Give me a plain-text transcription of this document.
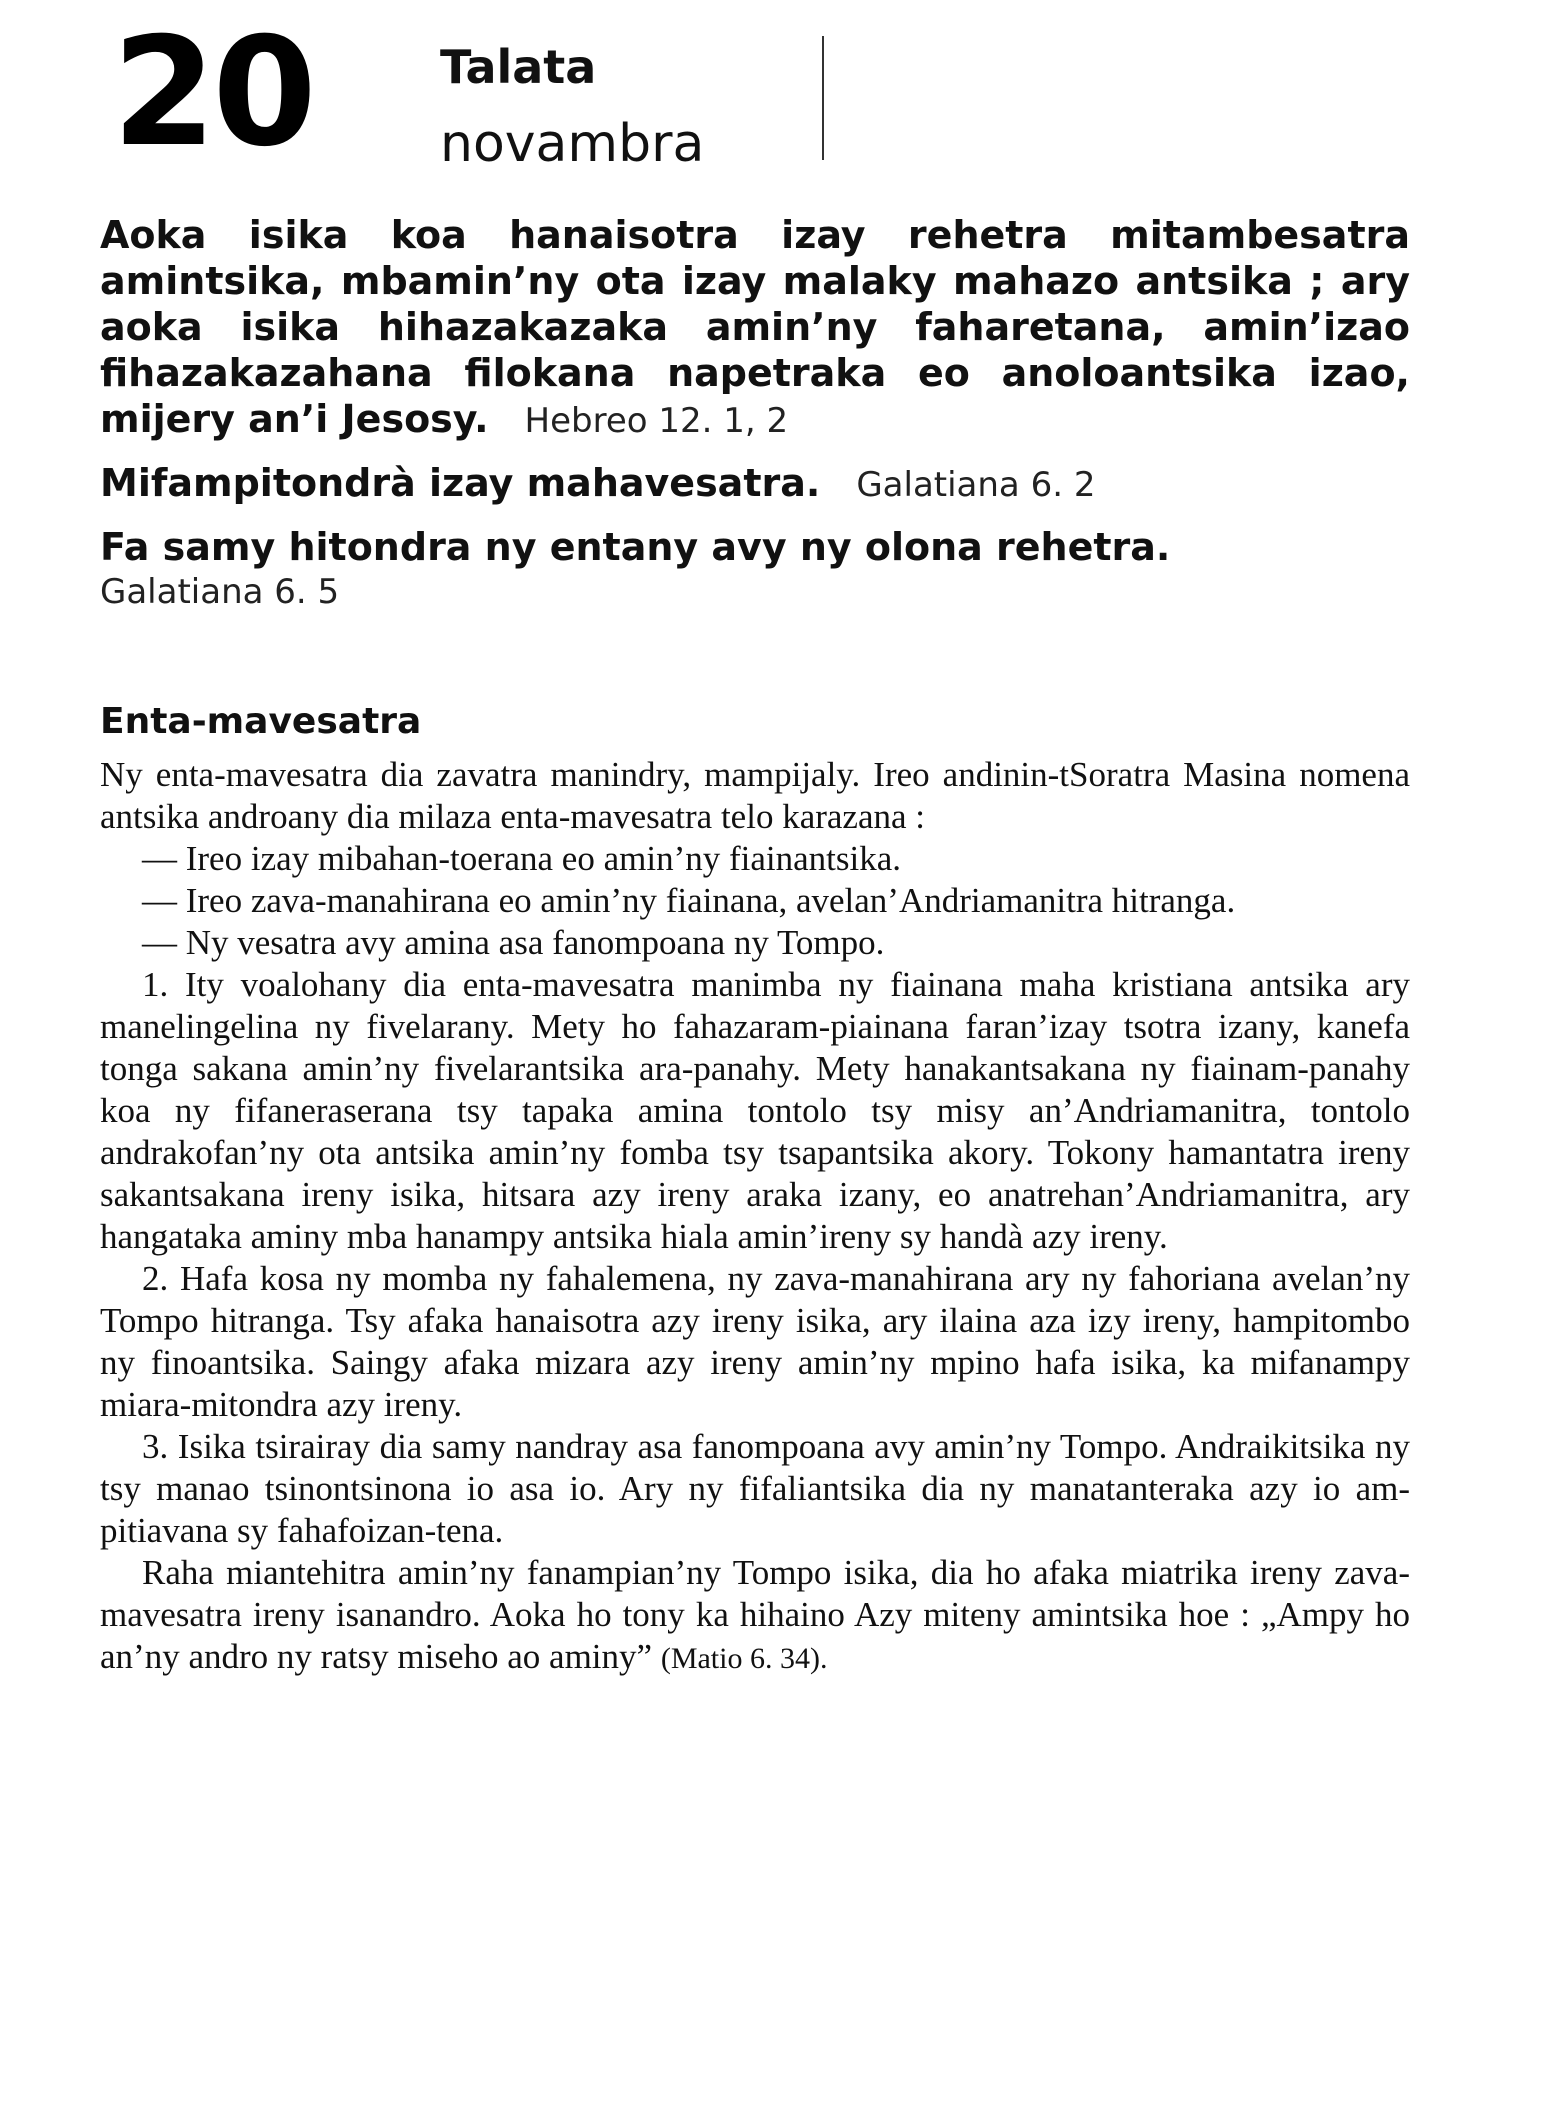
20	Talata
novambra

Aoka isika koa hanaisotra izay rehetra mitambesatra amintsika, mbamin’ny ota izay malaky mahazo antsika ; ary aoka isika hihazakazaka amin’ny faharetana, amin’izao fihazakazahana filokana napetraka eo anoloantsika izao, mijery an’i Jesosy. Hebreo 12. 1, 2

Mifampitondrà izay mahavesatra. Galatiana 6. 2

Fa samy hitondra ny entany avy ny olona rehetra.
Galatiana 6. 5

Enta-mavesatra

Ny enta-mavesatra dia zavatra manindry, mampijaly. Ireo andinin-tSoratra Masina nomena antsika androany dia milaza enta-mavesatra telo karazana :

— Ireo izay mibahan-toerana eo amin’ny fiainantsika.

— Ireo zava-manahirana eo amin’ny fiainana, avelan’Andriamanitra hitranga.

— Ny vesatra avy amina asa fanompoana ny Tompo.

1. Ity voalohany dia enta-mavesatra manimba ny fiainana maha kristiana antsika ary manelingelina ny fivelarany. Mety ho fahazaram-piainana faran’izay tsotra izany, kanefa tonga sakana amin’ny fivelarantsika ara-panahy. Mety hanakantsakana ny fiainam-panahy koa ny fifaneraserana tsy tapaka amina tontolo tsy misy an’Andriamanitra, tontolo andrakofan’ny ota antsika amin’ny fomba tsy tsapantsika akory. Tokony hamantatra ireny sakantsakana ireny isika, hitsara azy ireny araka izany, eo anatrehan’Andriamanitra, ary hangataka aminy mba hanampy antsika hiala amin’ireny sy handà azy ireny.

2. Hafa kosa ny momba ny fahalemena, ny zava-manahirana ary ny fahoriana avelan’ny Tompo hitranga. Tsy afaka hanaisotra azy ireny isika, ary ilaina aza izy ireny, hampitombo ny finoantsika. Saingy afaka mizara azy ireny amin’ny mpino hafa isika, ka mifanampy miara-mitondra azy ireny.

3. Isika tsirairay dia samy nandray asa fanompoana avy amin’ny Tompo. Andraikitsika ny tsy manao tsinontsinona io asa io. Ary ny fifaliantsika dia ny manatanteraka azy io am-pitiavana sy fahafoizan-tena.

Raha miantehitra amin’ny fanampian’ny Tompo isika, dia ho afaka miatrika ireny zava-mavesatra ireny isanandro. Aoka ho tony ka hihaino Azy miteny amintsika hoe : „Ampy ho an’ny andro ny ratsy miseho ao aminy” (Matio 6. 34).
